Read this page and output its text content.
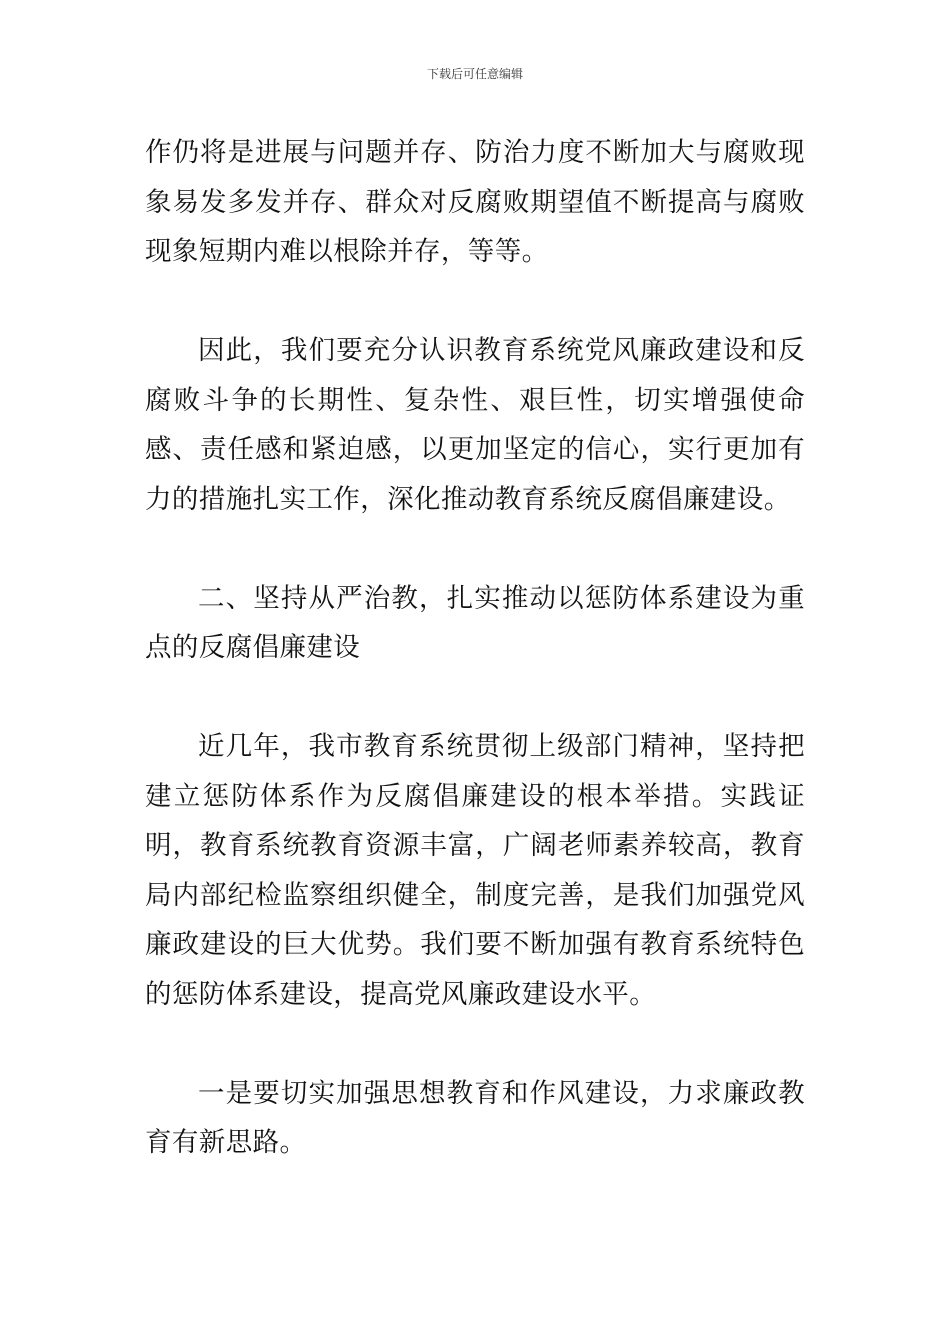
下载后可任意编辑

作仍将是进展与问题并存、防治力度不断加大与腐败现象易发多发并存、群众对反腐败期望值不断提高与腐败现象短期内难以根除并存，等等。

因此，我们要充分认识教育系统党风廉政建设和反腐败斗争的长期性、复杂性、艰巨性，切实增强使命感、责任感和紧迫感，以更加坚定的信心，实行更加有力的措施扎实工作，深化推动教育系统反腐倡廉建设。

二、坚持从严治教，扎实推动以惩防体系建设为重点的反腐倡廉建设

近几年，我市教育系统贯彻上级部门精神，坚持把建立惩防体系作为反腐倡廉建设的根本举措。实践证明，教育系统教育资源丰富，广阔老师素养较高，教育局内部纪检监察组织健全，制度完善，是我们加强党风廉政建设的巨大优势。我们要不断加强有教育系统特色的惩防体系建设，提高党风廉政建设水平。

一是要切实加强思想教育和作风建设，力求廉政教育有新思路。
